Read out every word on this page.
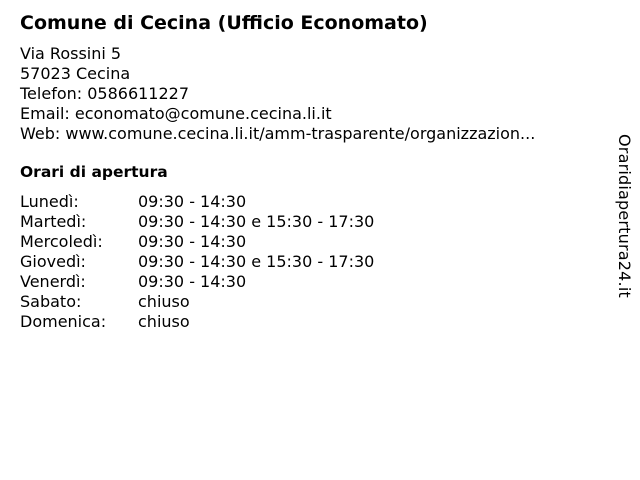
Comune di Cecina (Ufficio Economato)
Via Rossini 5
57023 Cecina
Telefon: 0586611227
Email: economato@comune.cecina.li.it
Web: www.comune.cecina.li.it/amm-trasparente/organizzazion...
Orari di apertura
Lunedì:	09:30 - 14:30
Martedì:	09:30 - 14:30 e 15:30 - 17:30
Mercoledì:	09:30 - 14:30
Giovedì:	09:30 - 14:30 e 15:30 - 17:30
Venerdì:	09:30 - 14:30
Sabato:	chiuso
Domenica:	chiuso
Oraridiapertura24.it
